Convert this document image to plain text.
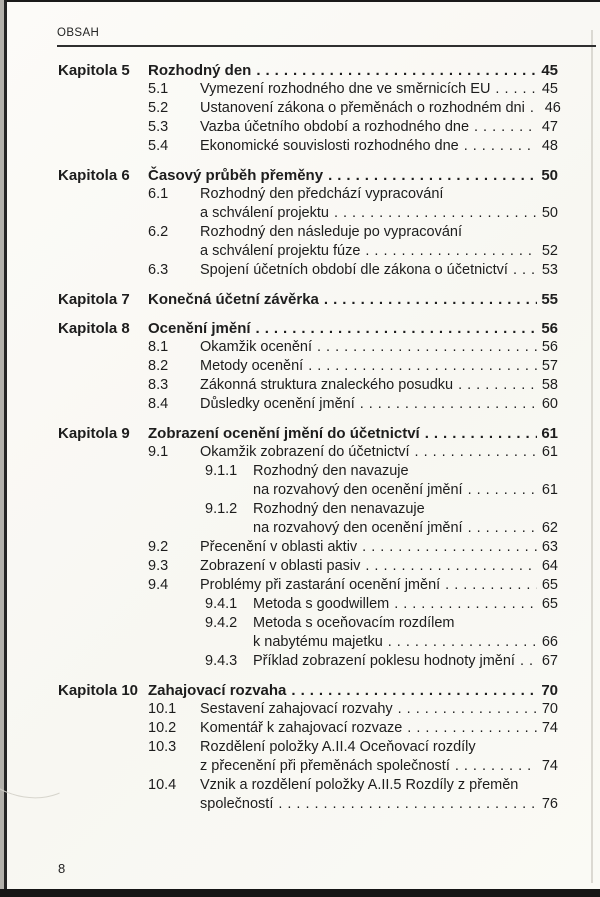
OBSAH
Kapitola 5	Rozhodný den .....	45
5.1	Vymezení rozhodného dne ve směrnicích EU .....	45
5.2	Ustanovení zákona o přeměnách o rozhodném dni ..... 46
5.3	Vazba účetního období a rozhodného dne .....	47
5.4	Ekonomické souvislosti rozhodného dne .....	48
Kapitola 6	Časový průběh přeměny .....	50
6.1	Rozhodný den předchází vypracování
a schválení projektu .....	50
6.2	Rozhodný den následuje po vypracování
a schválení projektu fúze .....	52
6.3	Spojení účetních období dle zákona o účetnictví ..... 53
Kapitola 7	Konečná účetní závěrka .....	55
Kapitola 8	Ocenění jmění .....	56
8.1	Okamžik ocenění .....	56
8.2	Metody ocenění .....	57
8.3	Zákonná struktura znaleckého posudku .....	58
8.4	Důsledky ocenění jmění .....	60
Kapitola 9	Zobrazení ocenění jmění do účetnictví .....	61
9.1	Okamžik zobrazení do účetnictví .....	61
9.1.1	Rozhodný den navazuje
na rozvahový den ocenění jmění .....	61
9.1.2	Rozhodný den nenavazuje
na rozvahový den ocenění jmění .....	62
9.2	Přecenění v oblasti aktiv .....	63
9.3	Zobrazení v oblasti pasiv .....	64
9.4	Problémy při zastarání ocenění jmění .....	65
9.4.1	Metoda s goodwillem .....	65
9.4.2	Metoda s oceňovacím rozdílem
k nabytému majetku .....	66
9.4.3	Příklad zobrazení poklesu hodnoty jmění ..... 67
Kapitola 10 Zahajovací rozvaha .....	70
10.1	Sestavení zahajovací rozvahy .....	70
10.2	Komentář k zahajovací rozvaze .....	74
10.3	Rozdělení položky A.II.4 Oceňovací rozdíly
z přecenění při přeměnách společností .....	74
10.4	Vznik a rozdělení položky A.II.5 Rozdíly z přeměn
společností .....	76
8
